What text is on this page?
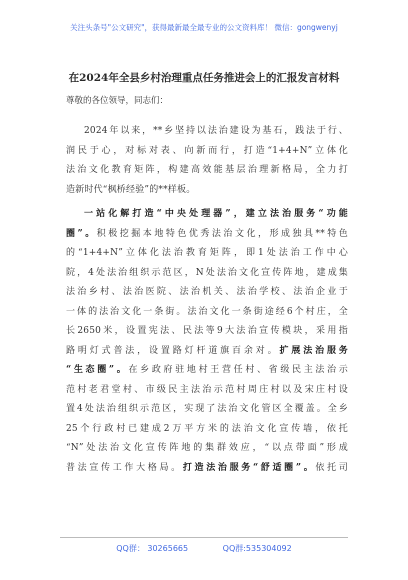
关注头条号"公文研究"，获得最新最全最专业的公文资料库！ 微信：gongwenyj
在2024年全县乡村治理重点任务推进会上的汇报发言材料
尊敬的各位领导，同志们：
2024年以来，**乡坚持以法治建设为基石，践法于行、
润民于心，对标对表、向新而行，打造“1+4+N”立体化
法治文化教育矩阵，构建高效能基层治理新格局，全力打
造新时代“枫桥经验”的**样板。
一站化解打造“中央处理器”，建立法治服务“功能
圈”。积极挖掘本地特色优秀法治文化，形成独具**特色
的“1+4+N”立体化法治教育矩阵，即1处法治工作中心
院，4处法治组织示范区，N处法治文化宣传阵地，建成集
法治乡村、法治医院、法治机关、法治学校、法治企业于
一体的法治文化一条街。法治文化一条街途经6个村庄，全
长2650米，设置宪法、民法等9大法治宣传模块，采用指
路明灯式普法，设置路灯杆道旗百余对。扩展法治服务
“生态圈”。在乡政府驻地村王营任村、省级民主法治示
范村老君堂村、市级民主法治示范村周庄村以及宋庄村设
置4处法治组织示范区，实现了法治文化管区全覆盖。全乡
25个行政村已建成2万平方米的法治文化宣传墙，依托
“N”处法治文化宣传阵地的集群效应，“以点带面”形成
普法宣传工作大格局。打造法治服务“舒适圈”。依托司
QQ群： 30265665	QQ群:535304092
